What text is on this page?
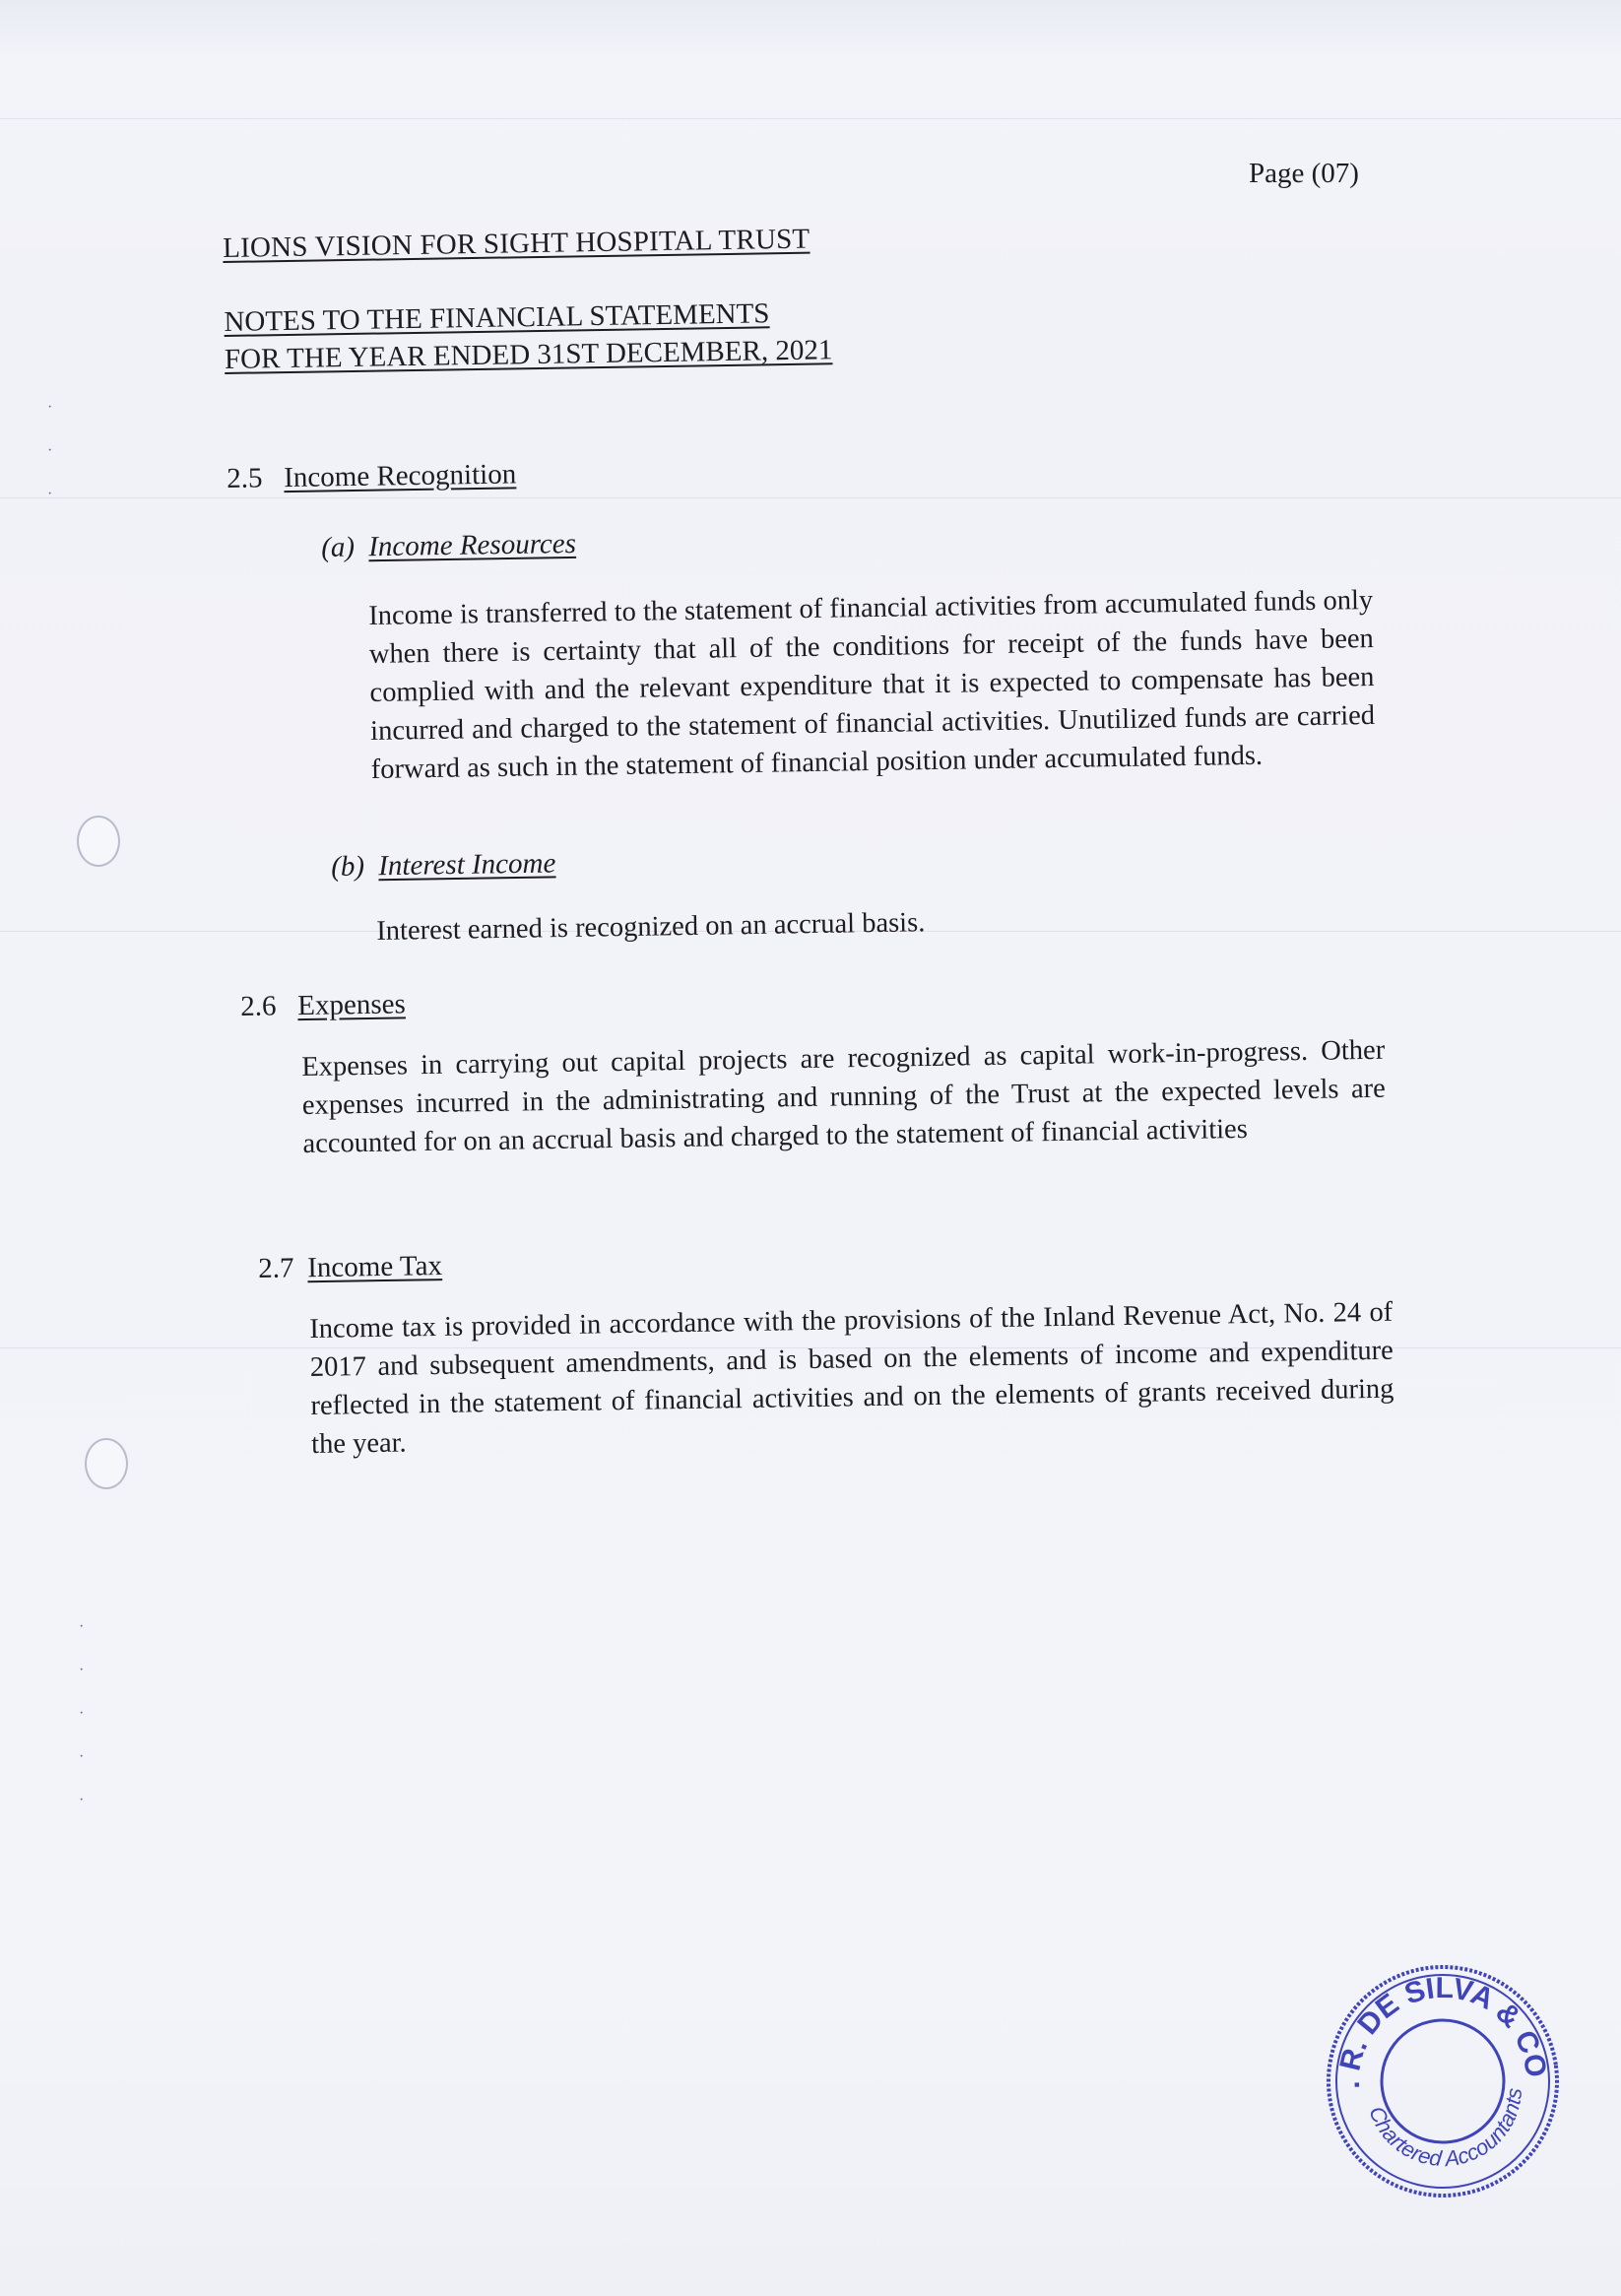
·
·
·
·
·
·
·
·
Page (07)
LIONS VISION FOR SIGHT HOSPITAL TRUST
NOTES TO THE FINANCIAL STATEMENTS
FOR THE YEAR ENDED 31ST DECEMBER, 2021
2.5 Income Recognition
(a) Income Resources
Income is transferred to the statement of financial activities from accumulated funds only when there is certainty that all of the conditions for receipt of the funds have been complied with and the relevant expenditure that it is expected to compensate has been incurred and charged to the statement of financial activities. Unutilized funds are carried forward as such in the statement of financial position under accumulated funds.
(b) Interest Income
Interest earned is recognized on an accrual basis.
2.6 Expenses
Expenses in carrying out capital projects are recognized as capital work-in-progress. Other expenses incurred in the administrating and running of the Trust at the expected levels are accounted for on an accrual basis and charged to the statement of financial activities
2.7 Income Tax
Income tax is provided in accordance with the provisions of the Inland Revenue Act, No. 24 of 2017 and subsequent amendments, and is based on the elements of income and expenditure reflected in the statement of financial activities and on the elements of grants received during the year.
B. R. DE SILVA & CO.
Chartered Accountants
